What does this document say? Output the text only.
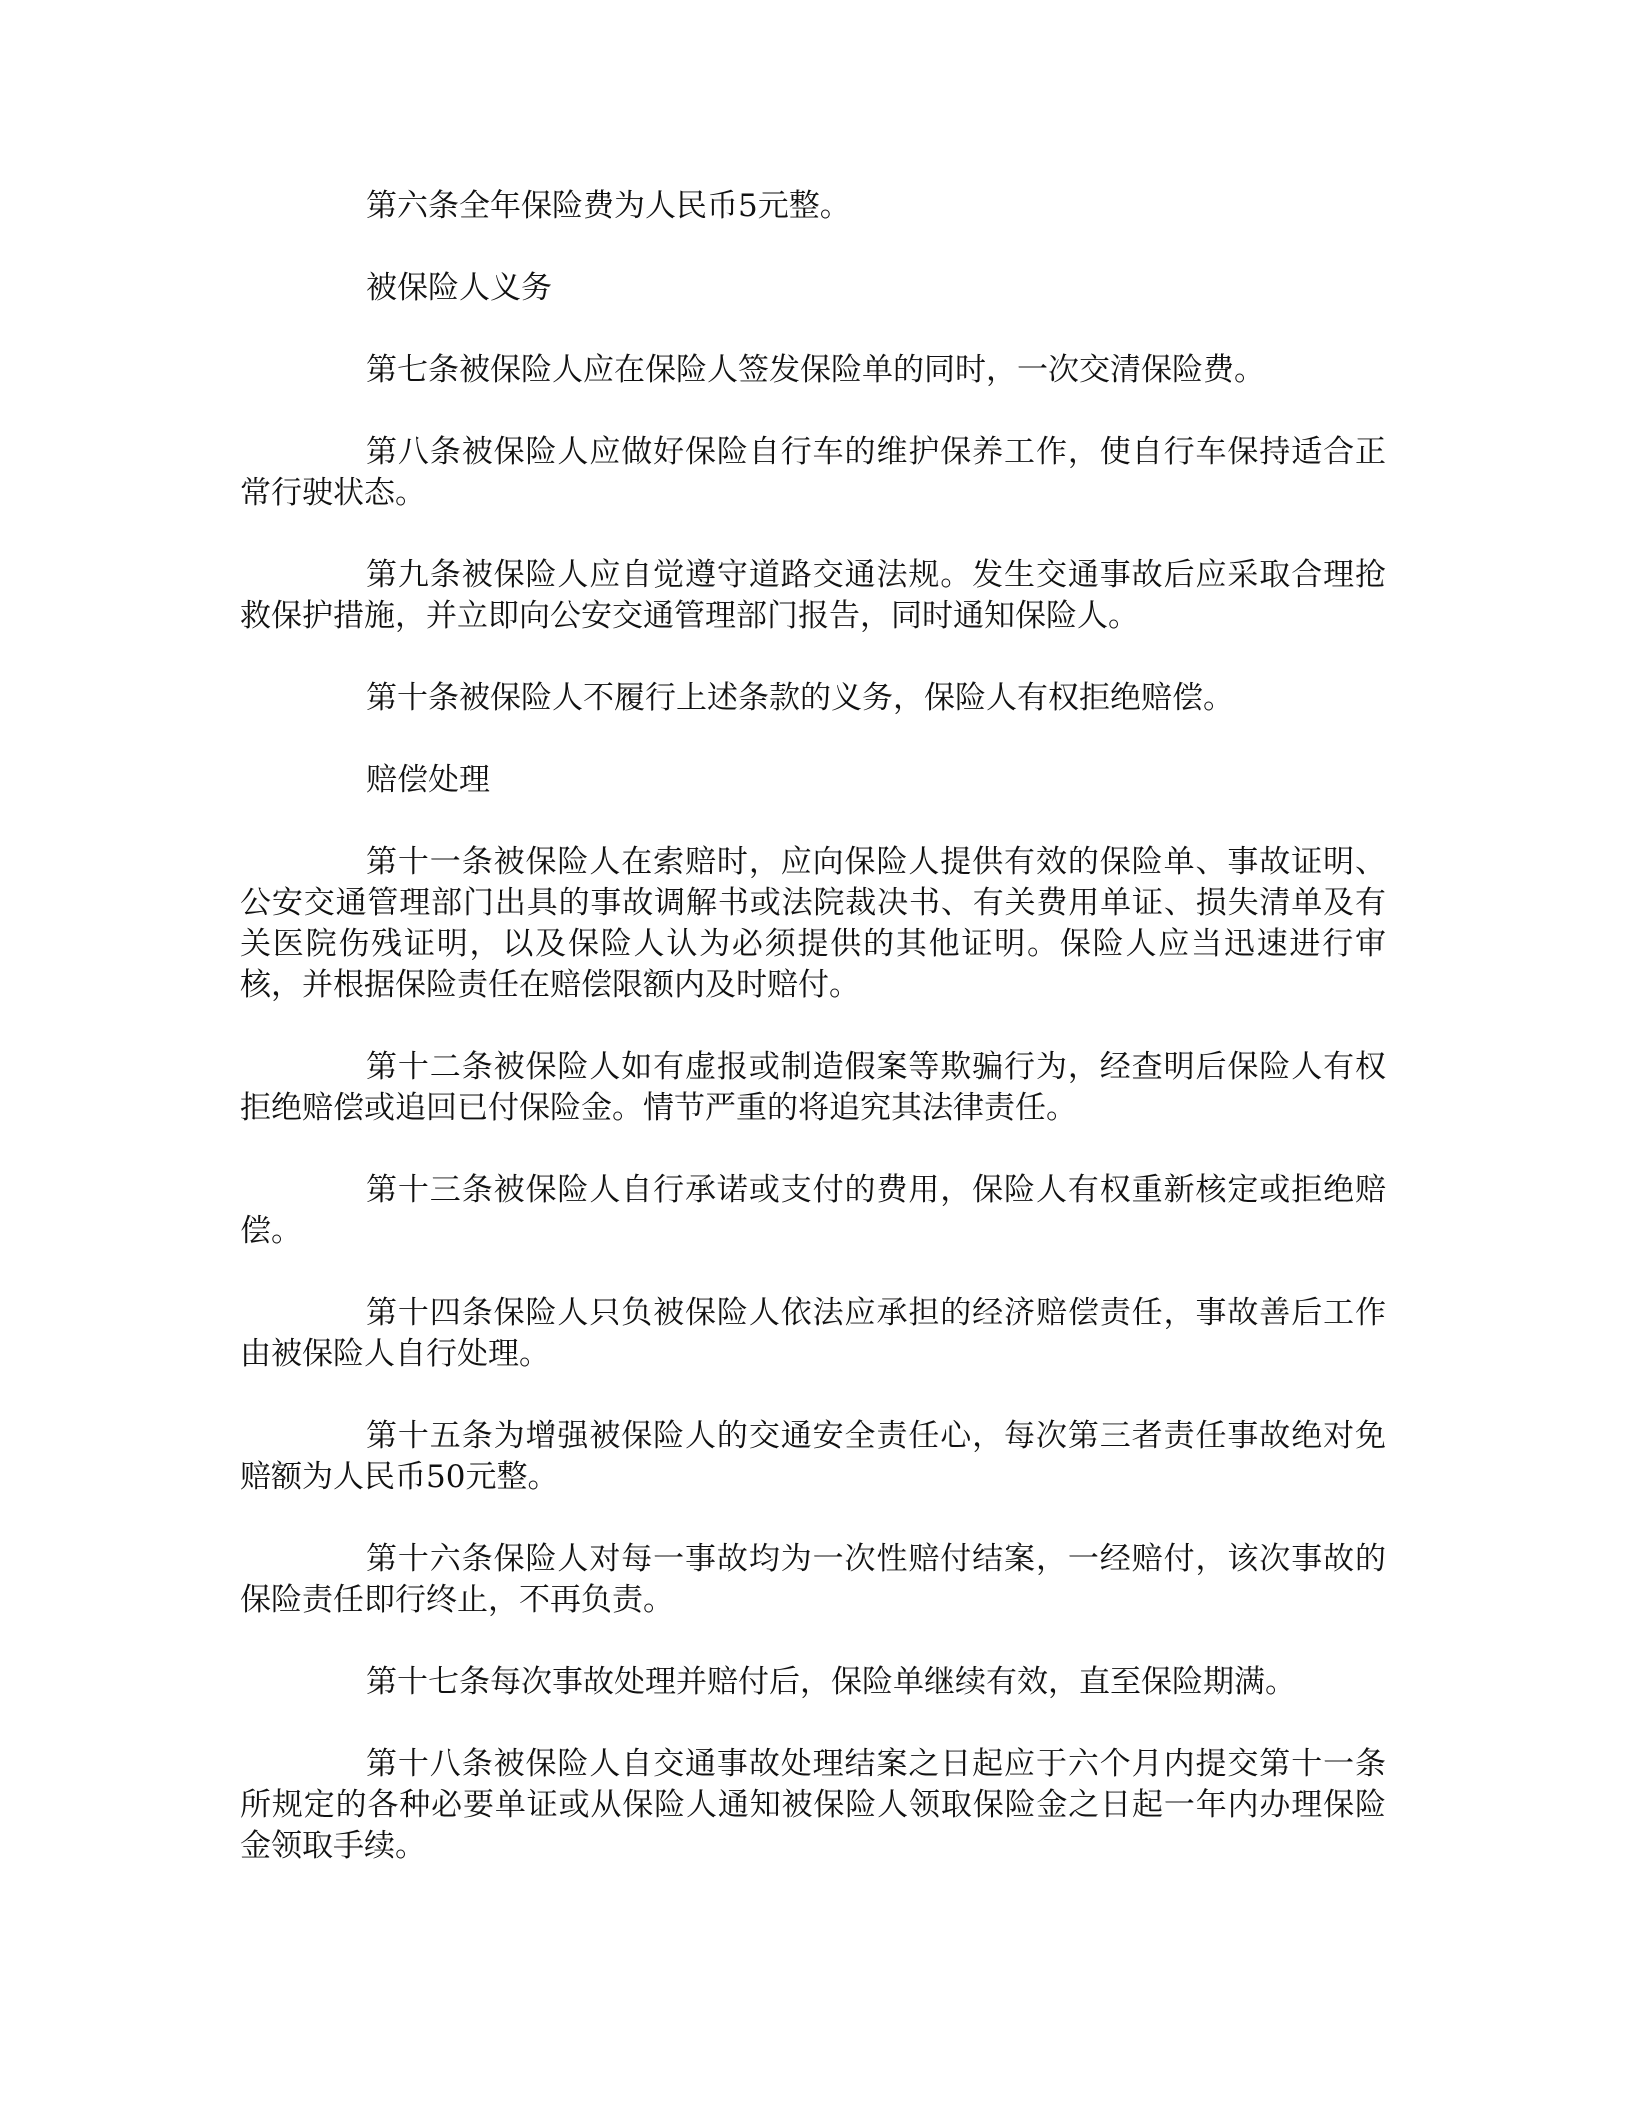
第六条全年保险费为人民币5元整。

被保险人义务

第七条被保险人应在保险人签发保险单的同时，一次交清保险费。

第八条被保险人应做好保险自行车的维护保养工作，使自行车保持适合正常行驶状态。

第九条被保险人应自觉遵守道路交通法规。发生交通事故后应采取合理抢救保护措施，并立即向公安交通管理部门报告，同时通知保险人。

第十条被保险人不履行上述条款的义务，保险人有权拒绝赔偿。

赔偿处理

第十一条被保险人在索赔时，应向保险人提供有效的保险单、事故证明、公安交通管理部门出具的事故调解书或法院裁决书、有关费用单证、损失清单及有关医院伤残证明，以及保险人认为必须提供的其他证明。保险人应当迅速进行审核，并根据保险责任在赔偿限额内及时赔付。

第十二条被保险人如有虚报或制造假案等欺骗行为，经查明后保险人有权拒绝赔偿或追回已付保险金。情节严重的将追究其法律责任。

第十三条被保险人自行承诺或支付的费用，保险人有权重新核定或拒绝赔偿。

第十四条保险人只负被保险人依法应承担的经济赔偿责任，事故善后工作由被保险人自行处理。

第十五条为增强被保险人的交通安全责任心，每次第三者责任事故绝对免赔额为人民币50元整。

第十六条保险人对每一事故均为一次性赔付结案，一经赔付，该次事故的保险责任即行终止，不再负责。

第十七条每次事故处理并赔付后，保险单继续有效，直至保险期满。

第十八条被保险人自交通事故处理结案之日起应于六个月内提交第十一条所规定的各种必要单证或从保险人通知被保险人领取保险金之日起一年内办理保险金领取手续。
